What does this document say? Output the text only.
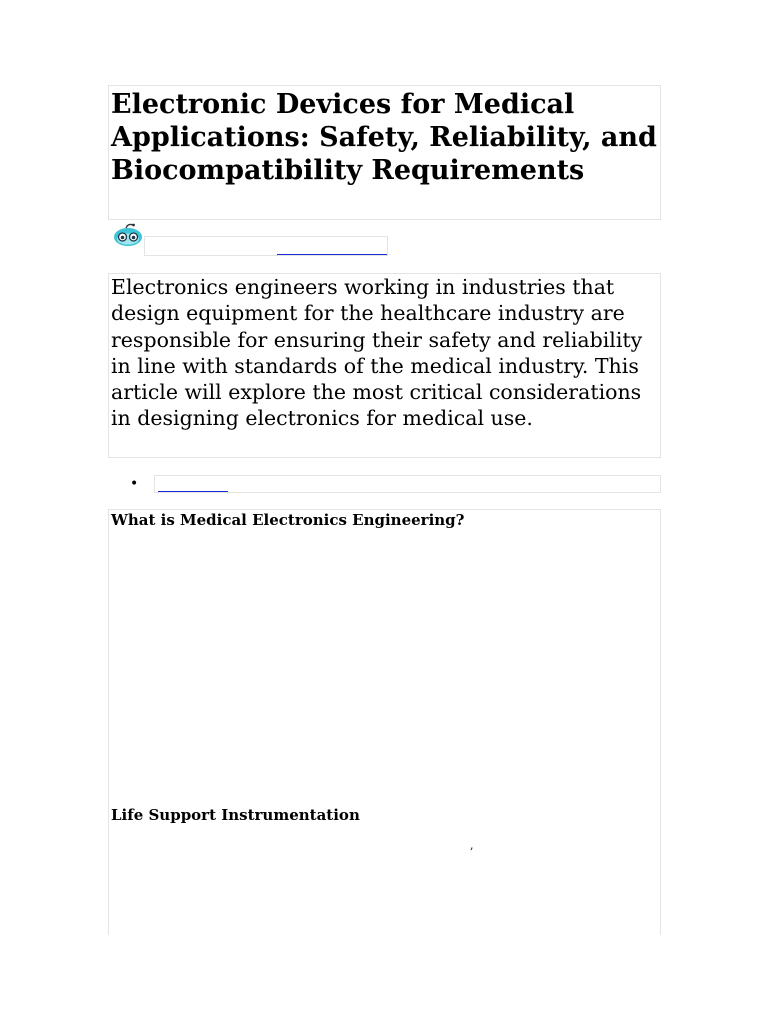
Electronic Devices for Medical Applications: Safety, Reliability, and Biocompatibility Requirements

Electronics engineers working in industries that design equipment for the healthcare industry are responsible for ensuring their safety and reliability in line with standards of the medical industry. This article will explore the most critical considerations in designing electronics for medical use.

•
What is Medical Electronics Engineering?
Life Support Instrumentation
,
